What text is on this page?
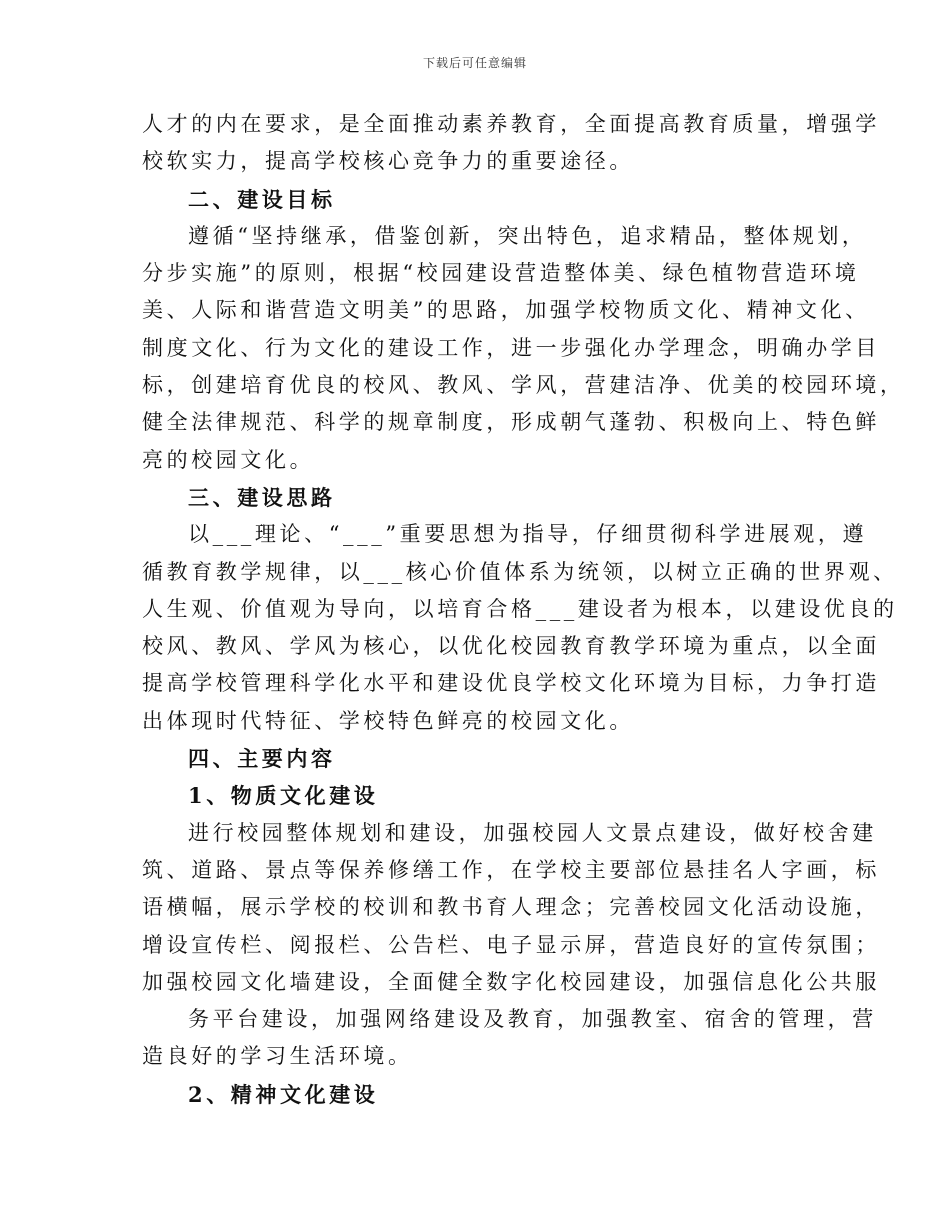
下载后可任意编辑
人才的内在要求，是全面推动素养教育，全面提高教育质量，增强学
校软实力，提高学校核心竞争力的重要途径。
二、建设目标
遵循“坚持继承，借鉴创新，突出特色，追求精品，整体规划，
分步实施”的原则，根据“校园建设营造整体美、绿色植物营造环境
美、人际和谐营造文明美”的思路，加强学校物质文化、精神文化、
制度文化、行为文化的建设工作，进一步强化办学理念，明确办学目
标，创建培育优良的校风、教风、学风，营建洁净、优美的校园环境，
健全法律规范、科学的规章制度，形成朝气蓬勃、积极向上、特色鲜
亮的校园文化。
三、建设思路
以___理论、“___”重要思想为指导，仔细贯彻科学进展观，遵
循教育教学规律，以___核心价值体系为统领，以树立正确的世界观、
人生观、价值观为导向，以培育合格___建设者为根本，以建设优良的
校风、教风、学风为核心，以优化校园教育教学环境为重点，以全面
提高学校管理科学化水平和建设优良学校文化环境为目标，力争打造
出体现时代特征、学校特色鲜亮的校园文化。
四、主要内容
1、物质文化建设
进行校园整体规划和建设，加强校园人文景点建设，做好校舍建
筑、道路、景点等保养修缮工作，在学校主要部位悬挂名人字画，标
语横幅，展示学校的校训和教书育人理念；完善校园文化活动设施，
增设宣传栏、阅报栏、公告栏、电子显示屏，营造良好的宣传氛围；
加强校园文化墙建设，全面健全数字化校园建设，加强信息化公共服
务平台建设，加强网络建设及教育，加强教室、宿舍的管理，营
造良好的学习生活环境。
2、精神文化建设
